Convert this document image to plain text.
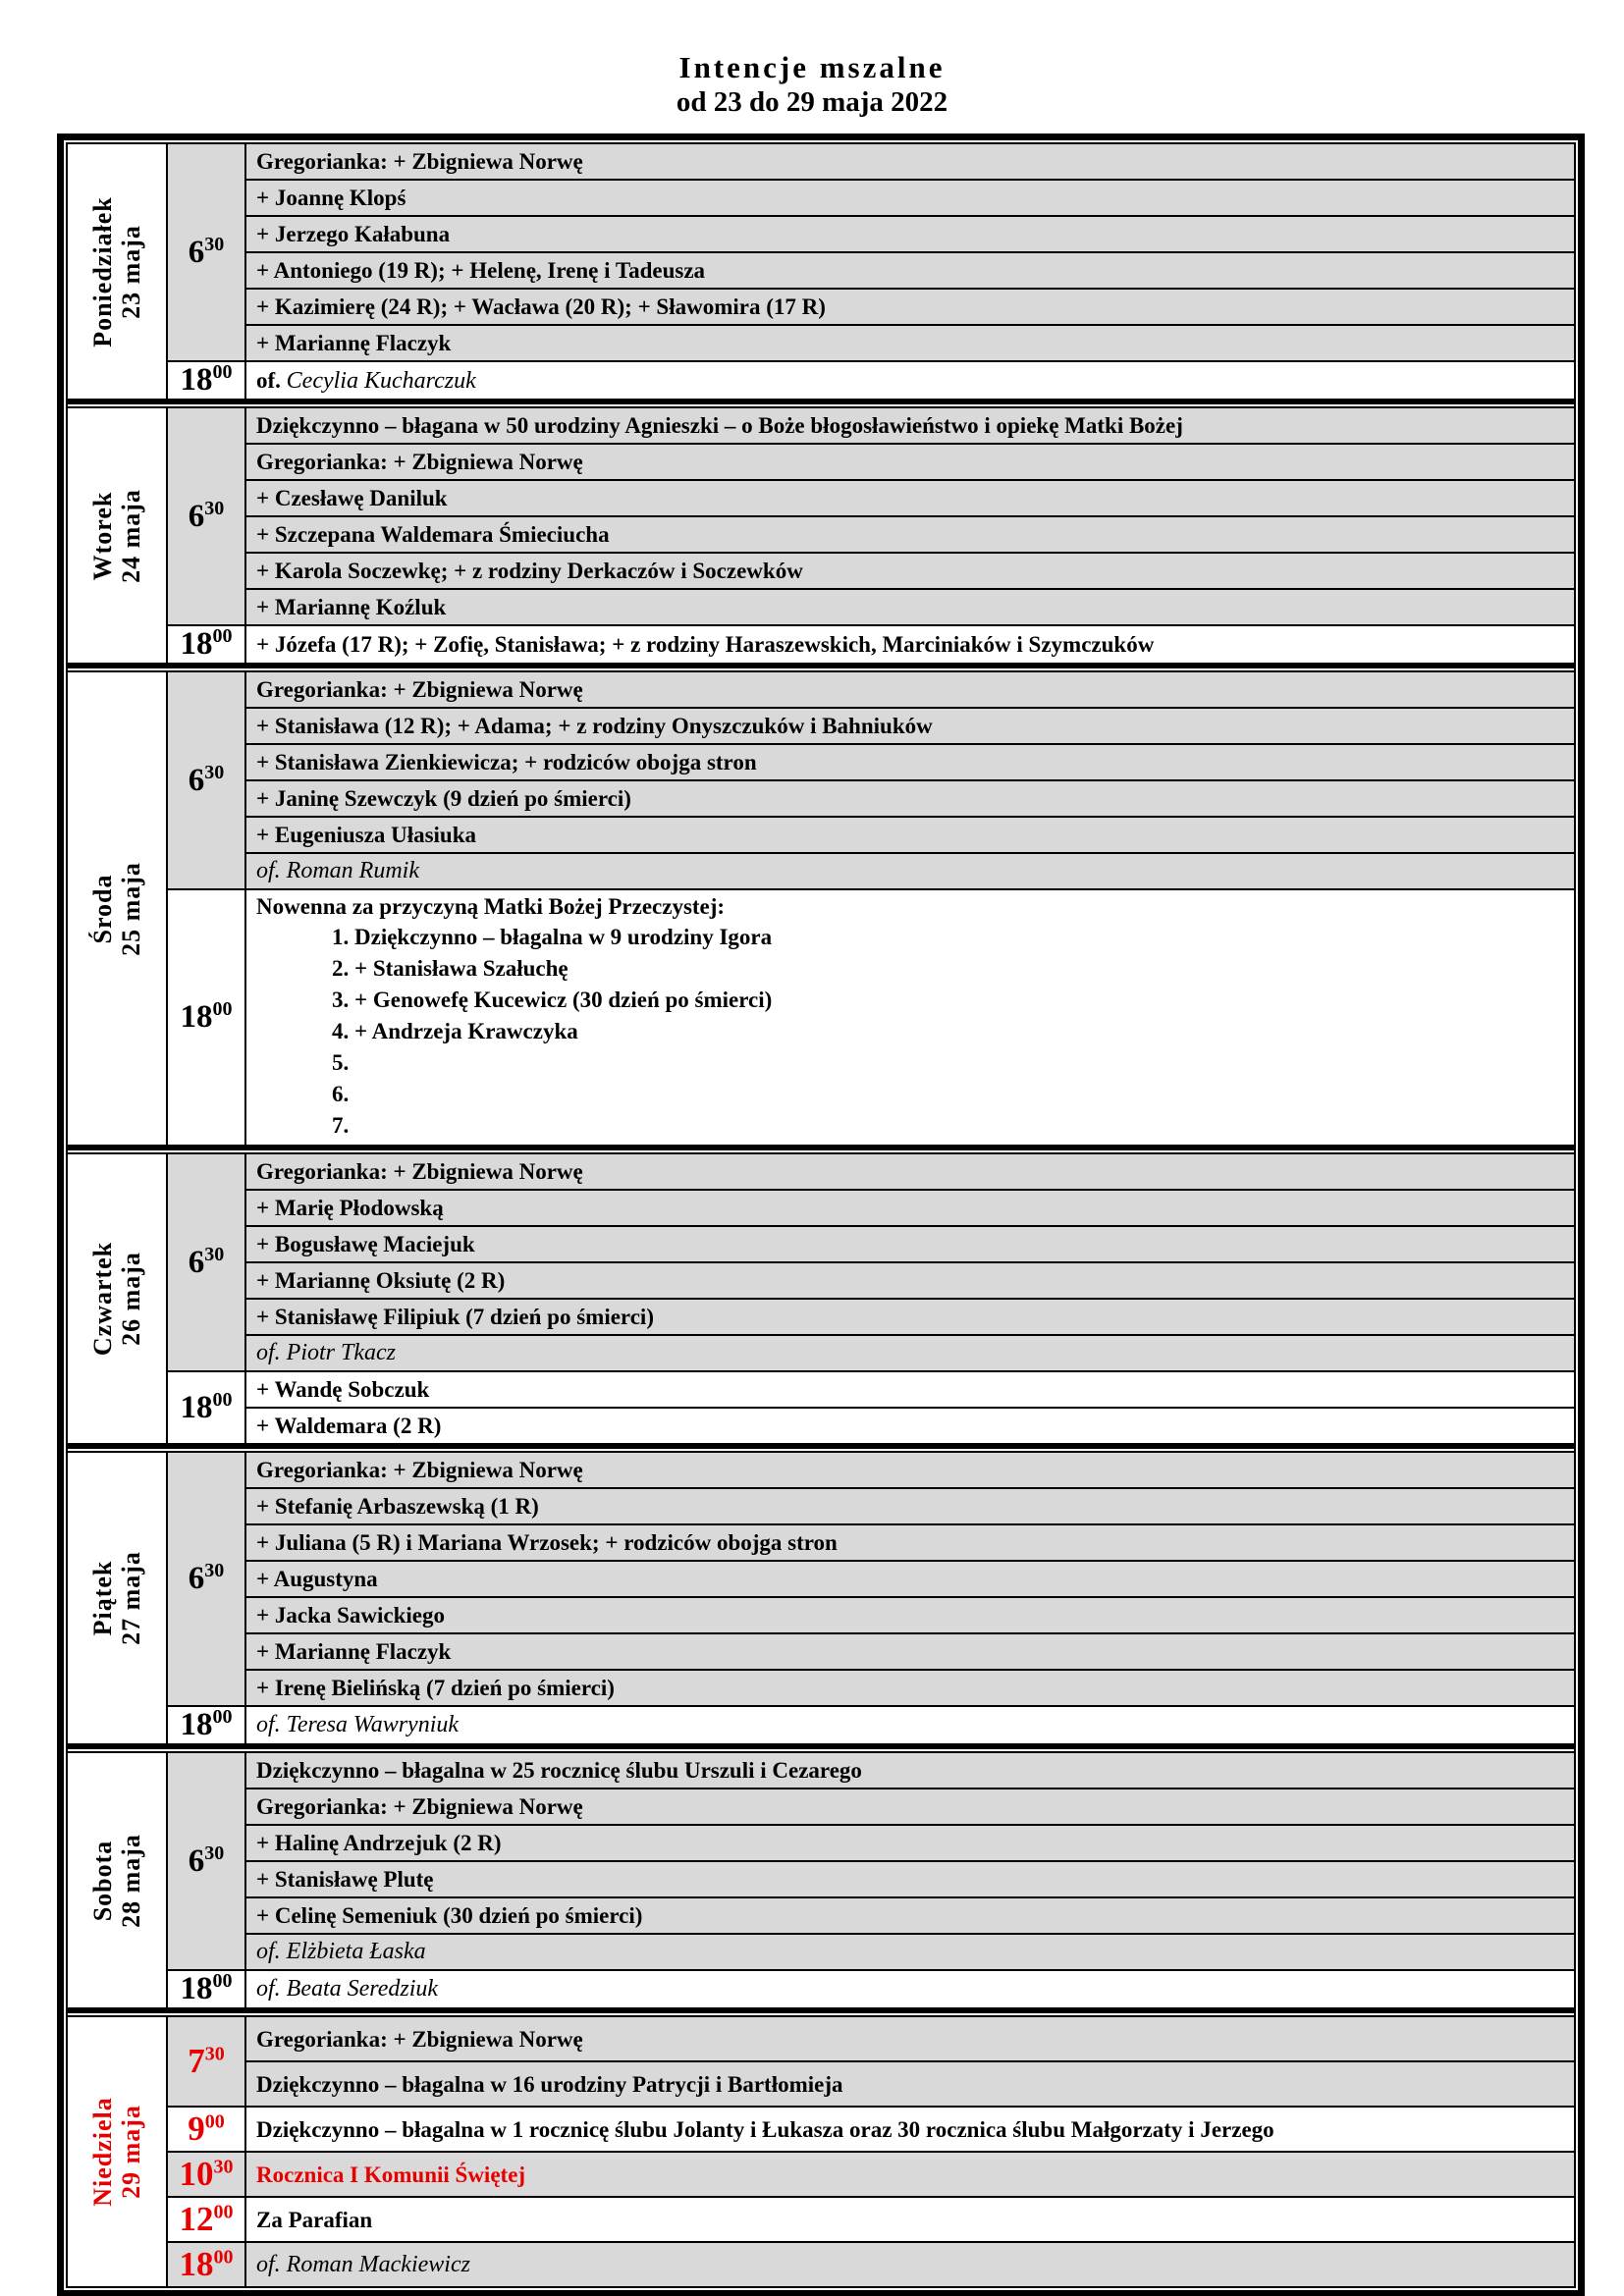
Intencje mszalne
od 23 do 29 maja 2022
Poniedziałek 23 maja $6^{30}$
Gregorianka: + Zbigniewa Norwę
+ Joannę Klopś
+ Jerzego Kałabuna
+ Antoniego (19 R); + Helenę, Irenę i Tadeusza
+ Kazimierę (24 R); + Wacława (20 R); + Sławomira (17 R)
+ Mariannę Flaczyk
$18^{00}$ of. Cecylia Kucharczuk
Wtorek 24 maja $6^{30}$
Dziękczynno – błagana w 50 urodziny Agnieszki – o Boże błogosławieństwo i opiekę Matki Bożej
Gregorianka: + Zbigniewa Norwę
+ Czesławę Daniluk
+ Szczepana Waldemara Śmieciucha
+ Karola Soczewkę; + z rodziny Derkaczów i Soczewków
+ Mariannę Koźluk
$18^{00}$ + Józefa (17 R); + Zofię, Stanisława; + z rodziny Haraszewskich, Marciniaków i Szymczuków
Środa 25 maja
$6^{30}$
Gregorianka: + Zbigniewa Norwę
+ Stanisława (12 R); + Adama; + z rodziny Onyszczuków i Bahniuków
+ Stanisława Zienkiewicza; + rodziców obojga stron
+ Janinę Szewczyk (9 dzień po śmierci)
+ Eugeniusza Ułasiuka
of. Roman Rumik
$18^{00}$
Nowenna za przyczyną Matki Bożej Przeczystej:
1. Dziękczynno – błagalna w 9 urodziny Igora
2. + Stanisława Szałuchę
3. + Genowefę Kucewicz (30 dzień po śmierci)
4. + Andrzeja Krawczyka
5.
6.
7.
Czwartek 26 maja $6^{30}$
Gregorianka: + Zbigniewa Norwę
+ Marię Płodowską
+ Bogusławę Maciejuk
+ Mariannę Oksiutę (2 R)
+ Stanisławę Filipiuk (7 dzień po śmierci)
of. Piotr Tkacz
$18^{00}$ + Wandę Sobczuk
+ Waldemara (2 R)
Piątek 27 maja $6^{30}$
Gregorianka: + Zbigniewa Norwę
+ Stefanię Arbaszewską (1 R)
+ Juliana (5 R) i Mariana Wrzosek; + rodziców obojga stron
+ Augustyna
+ Jacka Sawickiego
+ Mariannę Flaczyk
+ Irenę Bielińską (7 dzień po śmierci)
$18^{00}$ of. Teresa Wawryniuk
Sobota 28 maja $6^{30}$
Dziękczynno – błagalna w 25 rocznicę ślubu Urszuli i Cezarego
Gregorianka: + Zbigniewa Norwę
+ Halinę Andrzejuk (2 R)
+ Stanisławę Plutę
+ Celinę Semeniuk (30 dzień po śmierci)
of. Elżbieta Łaska
$18^{00}$ of. Beata Seredziuk
Niedziela 29 maja
$7^{30}$
Gregorianka: + Zbigniewa Norwę
Dziękczynno – błagalna w 16 urodziny Patrycji i Bartłomieja
$9^{00}$ Dziękczynno – błagalna w 1 rocznicę ślubu Jolanty i Łukasza oraz 30 rocznica ślubu Małgorzaty i Jerzego
$10^{30}$ Rocznica I Komunii Świętej
$12^{00}$ Za Parafian
$18^{00}$ of. Roman Mackiewicz
